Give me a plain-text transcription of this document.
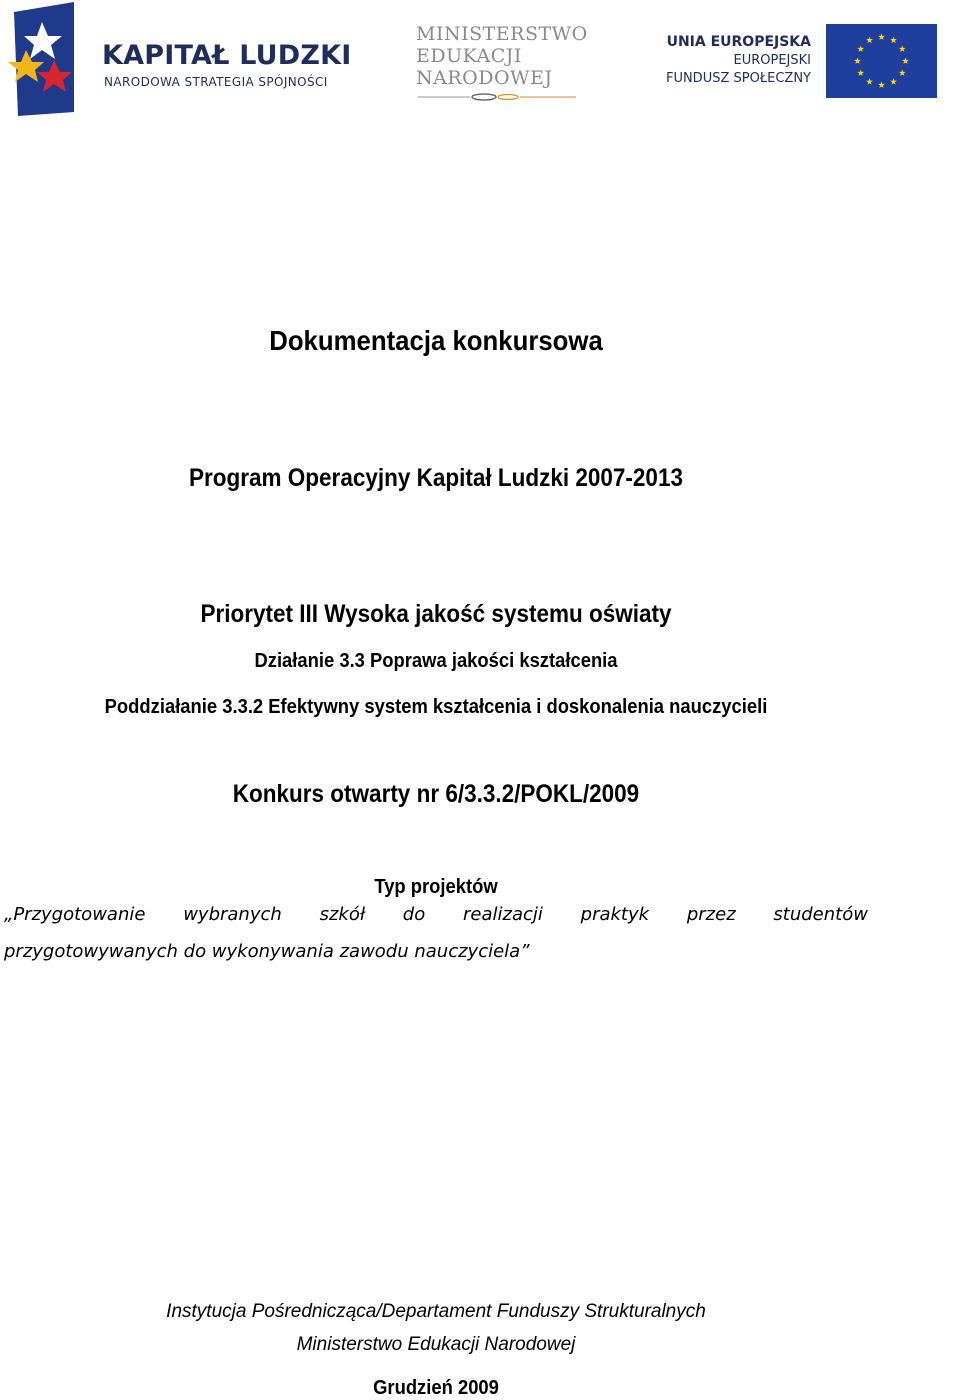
KAPITAŁ LUDZKI
NARODOWA STRATEGIA SPÓJNOŚCI
MINISTERSTWO
EDUKACJI
NARODOWEJ
UNIA EUROPEJSKA
EUROPEJSKI
FUNDUSZ SPOŁECZNY
Dokumentacja konkursowa
Program Operacyjny Kapitał Ludzki 2007-2013
Priorytet III Wysoka jakość systemu oświaty
Działanie 3.3 Poprawa jakości kształcenia
Poddziałanie 3.3.2 Efektywny system kształcenia i doskonalenia nauczycieli
Konkurs otwarty nr 6/3.3.2/POKL/2009
Typ projektów
„Przygotowanie wybranych szkół do realizacji praktyk przez studentów
przygotowywanych do wykonywania zawodu nauczyciela”
Instytucja Pośrednicząca/Departament Funduszy Strukturalnych
Ministerstwo Edukacji Narodowej
Grudzień 2009
